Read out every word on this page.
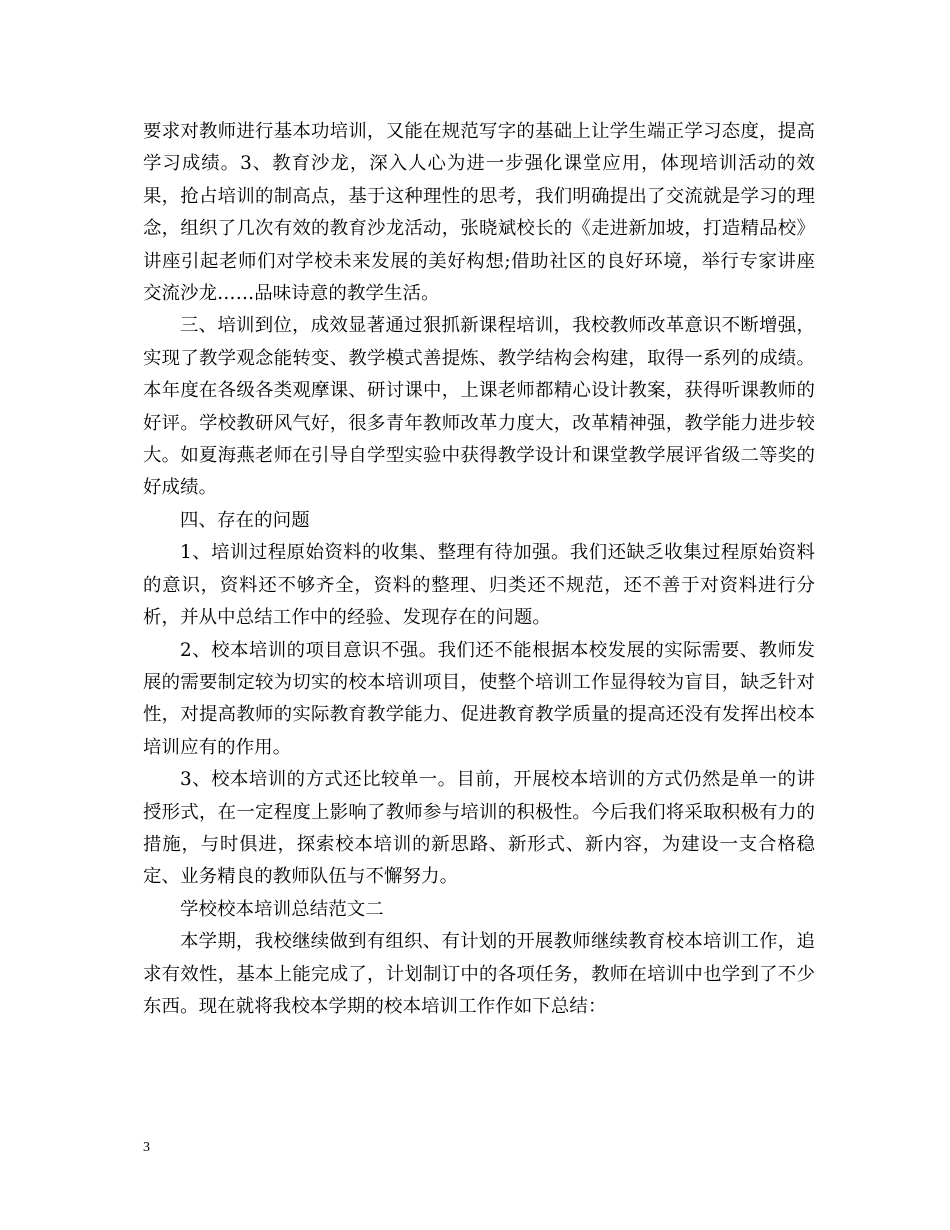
要求对教师进行基本功培训，又能在规范写字的基础上让学生端正学习态度，提高学习成绩。3、教育沙龙，深入人心为进一步强化课堂应用，体现培训活动的效果，抢占培训的制高点，基于这种理性的思考，我们明确提出了交流就是学习的理念，组织了几次有效的教育沙龙活动，张晓斌校长的《走进新加坡，打造精品校》讲座引起老师们对学校未来发展的美好构想;借助社区的良好环境，举行专家讲座交流沙龙……品味诗意的教学生活。

三、培训到位，成效显著通过狠抓新课程培训，我校教师改革意识不断增强，实现了教学观念能转变、教学模式善提炼、教学结构会构建，取得一系列的成绩。本年度在各级各类观摩课、研讨课中，上课老师都精心设计教案，获得听课教师的好评。学校教研风气好，很多青年教师改革力度大，改革精神强，教学能力进步较大。如夏海燕老师在引导自学型实验中获得教学设计和课堂教学展评省级二等奖的好成绩。

四、存在的问题

1、培训过程原始资料的收集、整理有待加强。我们还缺乏收集过程原始资料的意识，资料还不够齐全，资料的整理、归类还不规范，还不善于对资料进行分析，并从中总结工作中的经验、发现存在的问题。

2、校本培训的项目意识不强。我们还不能根据本校发展的实际需要、教师发展的需要制定较为切实的校本培训项目，使整个培训工作显得较为盲目，缺乏针对性，对提高教师的实际教育教学能力、促进教育教学质量的提高还没有发挥出校本培训应有的作用。

3、校本培训的方式还比较单一。目前，开展校本培训的方式仍然是单一的讲授形式，在一定程度上影响了教师参与培训的积极性。今后我们将采取积极有力的措施，与时俱进，探索校本培训的新思路、新形式、新内容，为建设一支合格稳定、业务精良的教师队伍与不懈努力。

学校校本培训总结范文二

本学期，我校继续做到有组织、有计划的开展教师继续教育校本培训工作，追求有效性，基本上能完成了，计划制订中的各项任务，教师在培训中也学到了不少东西。现在就将我校本学期的校本培训工作作如下总结：

3
